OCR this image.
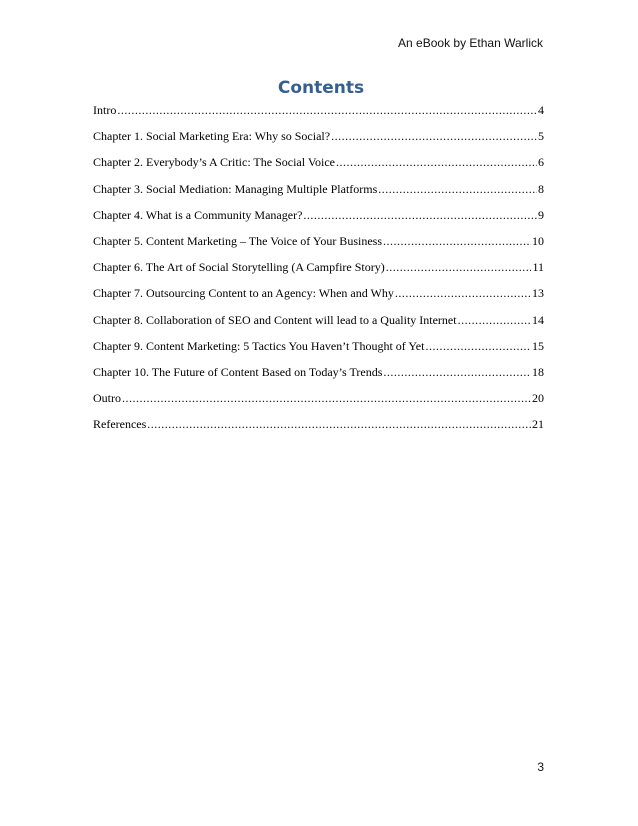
An eBook by Ethan Warlick
Contents
Intro .....	4
Chapter 1. Social Marketing Era: Why so Social? .....	5
Chapter 2. Everybody’s A Critic: The Social Voice .....	6
Chapter 3. Social Mediation: Managing Multiple Platforms .....	8
Chapter 4. What is a Community Manager? .....	9
Chapter 5. Content Marketing – The Voice of Your Business .....	10
Chapter 6. The Art of Social Storytelling (A Campfire Story) .....	11
Chapter 7. Outsourcing Content to an Agency: When and Why .....	13
Chapter 8. Collaboration of SEO and Content will lead to a Quality Internet .....	14
Chapter 9. Content Marketing: 5 Tactics You Haven’t Thought of Yet .....	15
Chapter 10. The Future of Content Based on Today’s Trends .....	18
Outro .....	20
References .....	21
3
